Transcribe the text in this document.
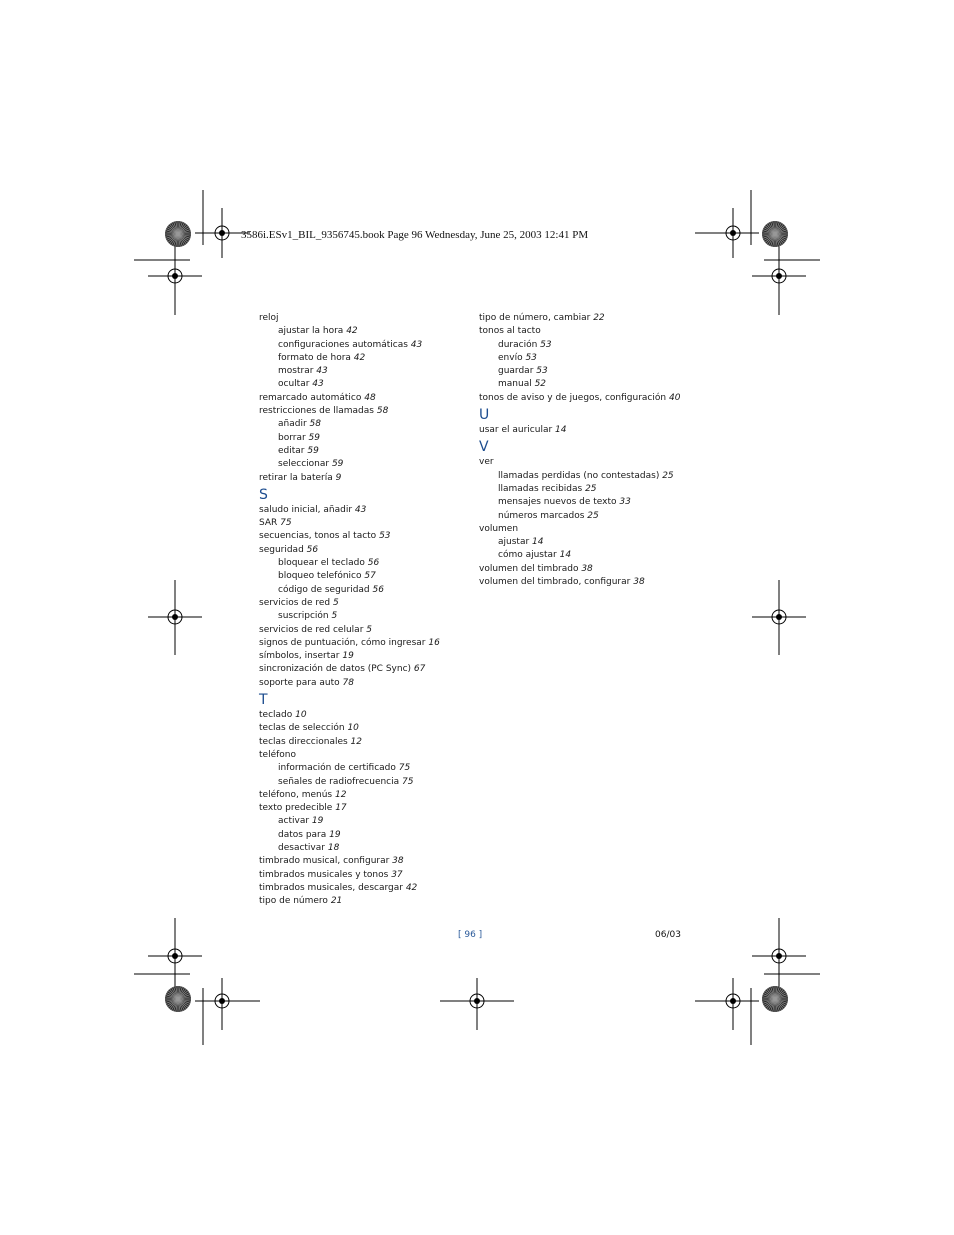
3586i.ESv1_BIL_9356745.book Page 96 Wednesday, June 25, 2003 12:41 PM
reloj
ajustar la hora 42
configuraciones automáticas 43
formato de hora 42
mostrar 43
ocultar 43
remarcado automático 48
restricciones de llamadas 58
añadir 58
borrar 59
editar 59
seleccionar 59
retirar la batería 9
S
saludo inicial, añadir 43
SAR 75
secuencias, tonos al tacto 53
seguridad 56
bloquear el teclado 56
bloqueo telefónico 57
código de seguridad 56
servicios de red 5
suscripción 5
servicios de red celular 5
signos de puntuación, cómo ingresar 16
símbolos, insertar 19
sincronización de datos (PC Sync) 67
soporte para auto 78
T
teclado 10
teclas de selección 10
teclas direccionales 12
teléfono
información de certificado 75
señales de radiofrecuencia 75
teléfono, menús 12
texto predecible 17
activar 19
datos para 19
desactivar 18
timbrado musical, configurar 38
timbrados musicales y tonos 37
timbrados musicales, descargar 42
tipo de número 21
tipo de número, cambiar 22
tonos al tacto
duración 53
envío 53
guardar 53
manual 52
tonos de aviso y de juegos, configuración 40
U
usar el auricular 14
V
ver
llamadas perdidas (no contestadas) 25
llamadas recibidas 25
mensajes nuevos de texto 33
números marcados 25
volumen
ajustar 14
cómo ajustar 14
volumen del timbrado 38
volumen del timbrado, configurar 38
[ 96 ]	06/03
